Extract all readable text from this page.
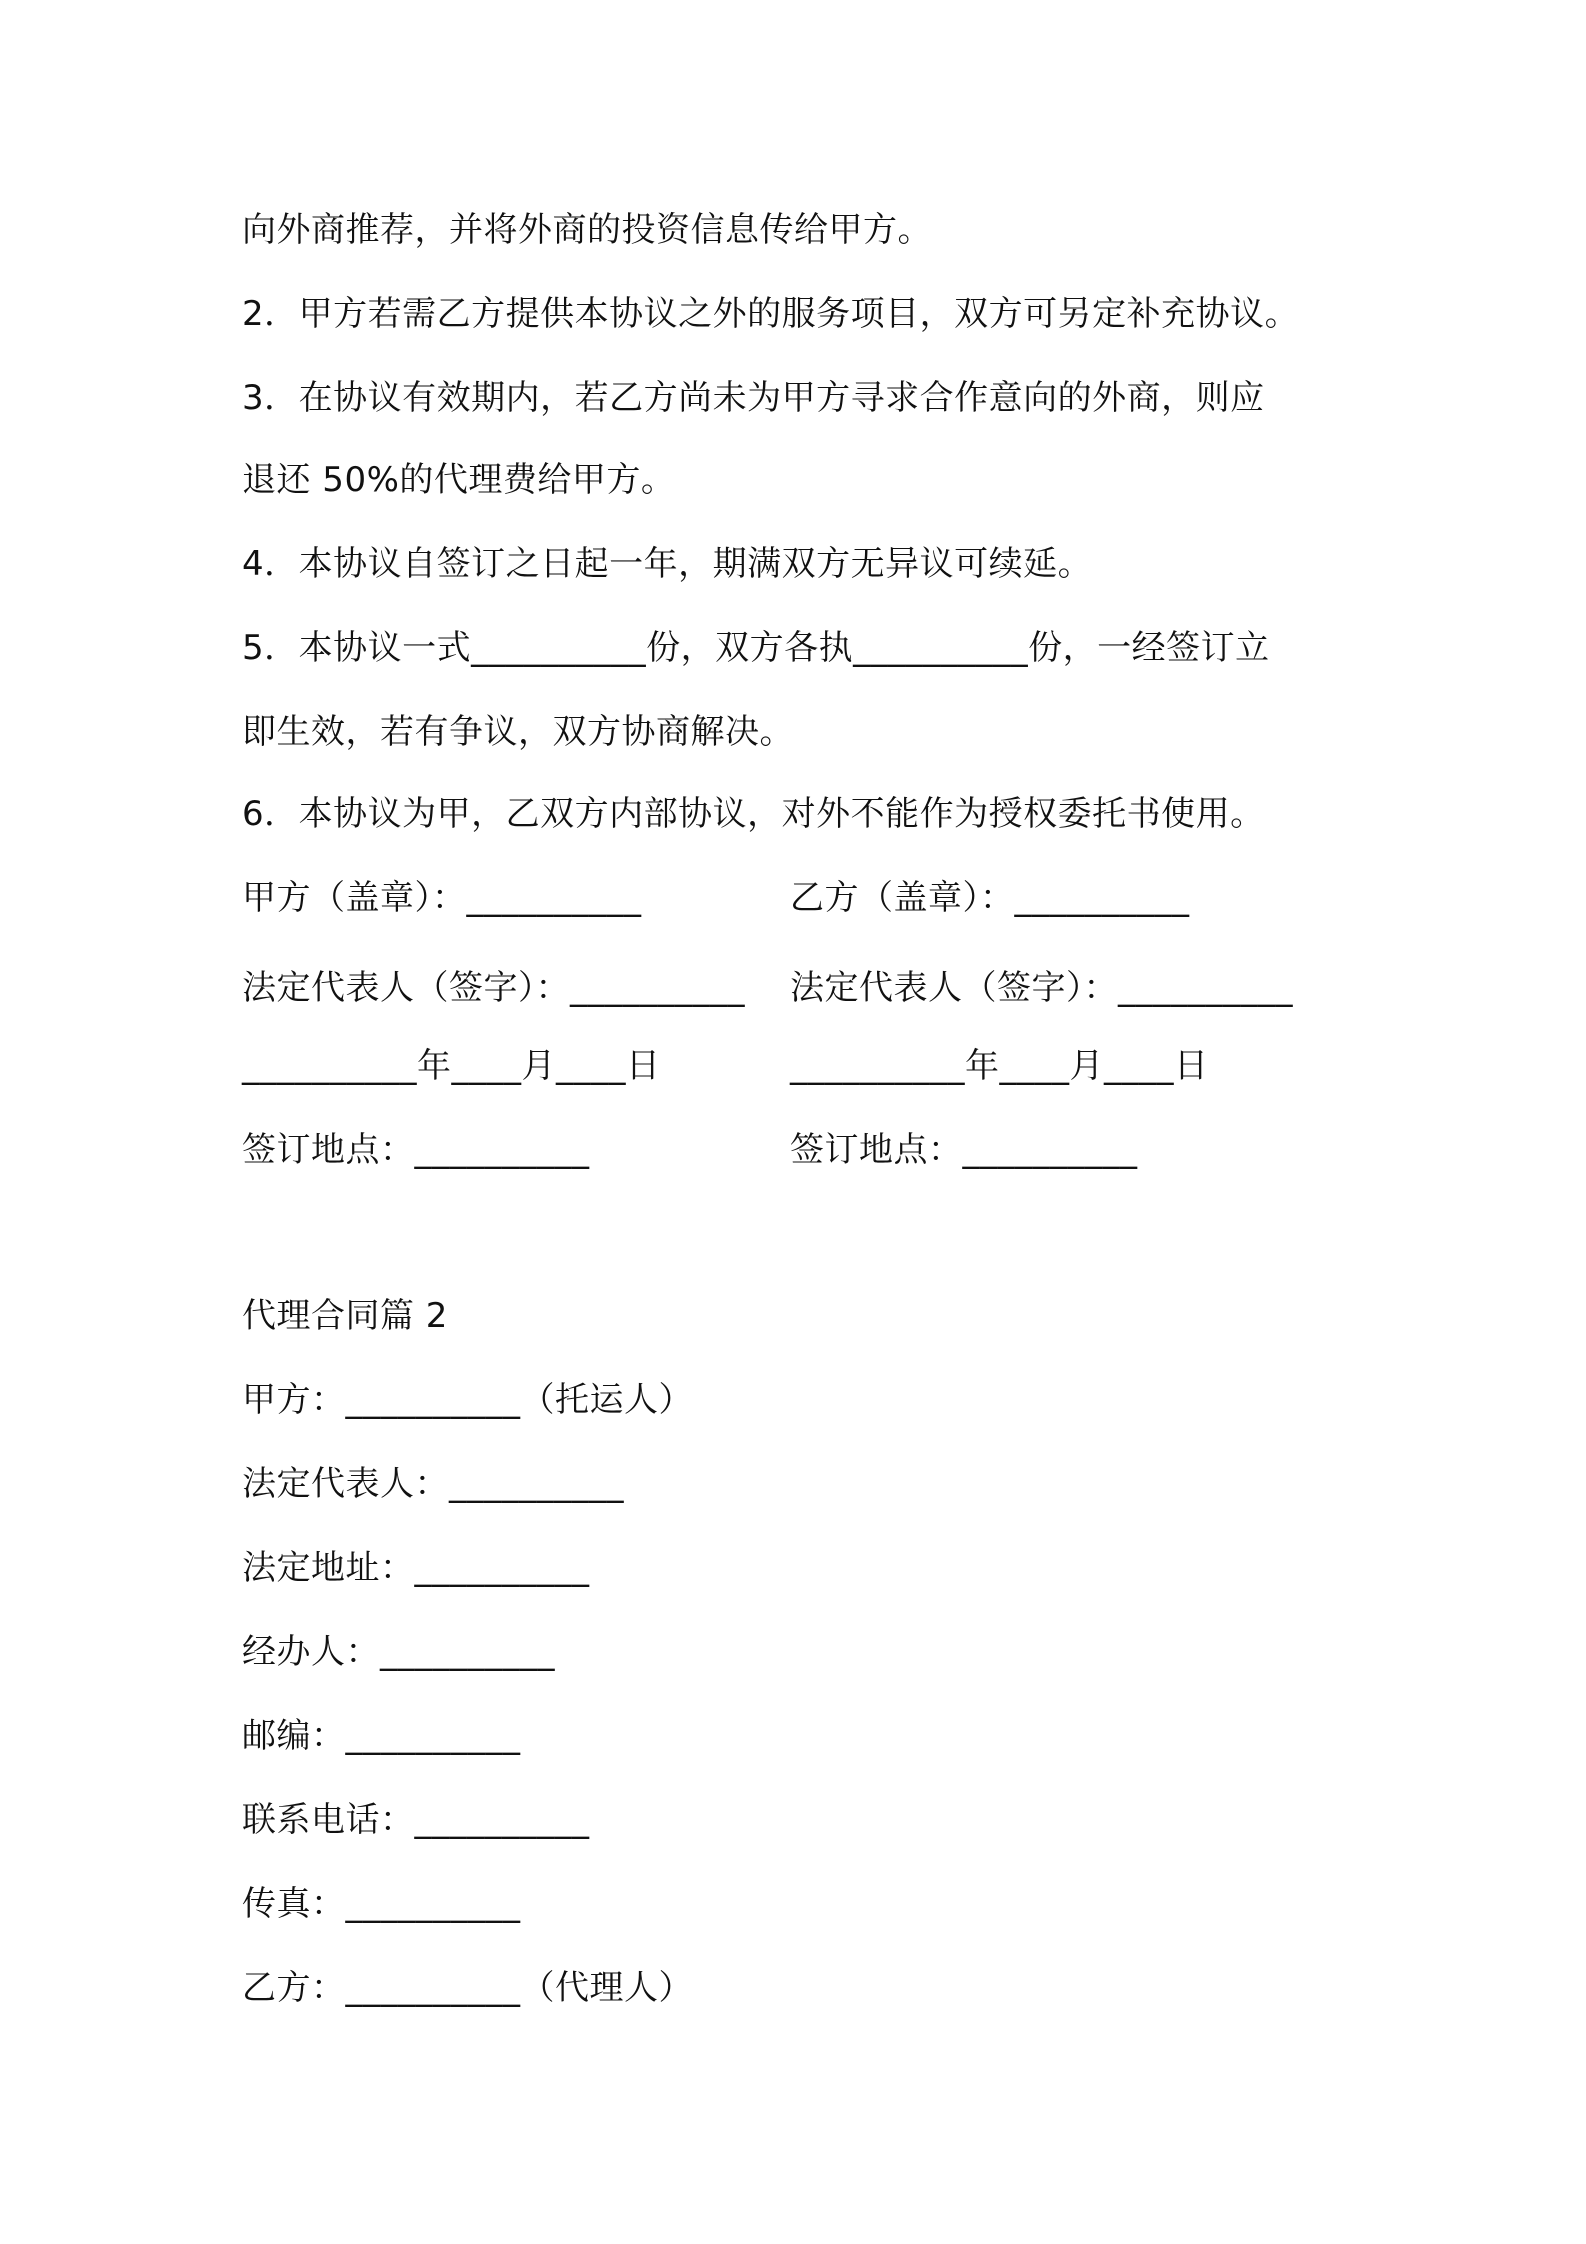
向外商推荐，并将外商的投资信息传给甲方。
2．甲方若需乙方提供本协议之外的服务项目，双方可另定补充协议。
3．在协议有效期内，若乙方尚未为甲方寻求合作意向的外商，则应
退还 50%的代理费给甲方。
4．本协议自签订之日起一年，期满双方无异议可续延。
5．本协议一式__________份，双方各执__________份，一经签订立
即生效，若有争议，双方协商解决。
6．本协议为甲，乙双方内部协议，对外不能作为授权委托书使用。
甲方（盖章）：__________	乙方（盖章）：__________
法定代表人（签字）：__________ 法定代表人（签字）：__________
__________年____月____日	__________年____月____日
签订地点：__________	签订地点：__________
代理合同篇 2
甲方：__________（托运人）
法定代表人：__________
法定地址：__________
经办人：__________
邮编：__________
联系电话：__________
传真：__________
乙方：__________（代理人）
